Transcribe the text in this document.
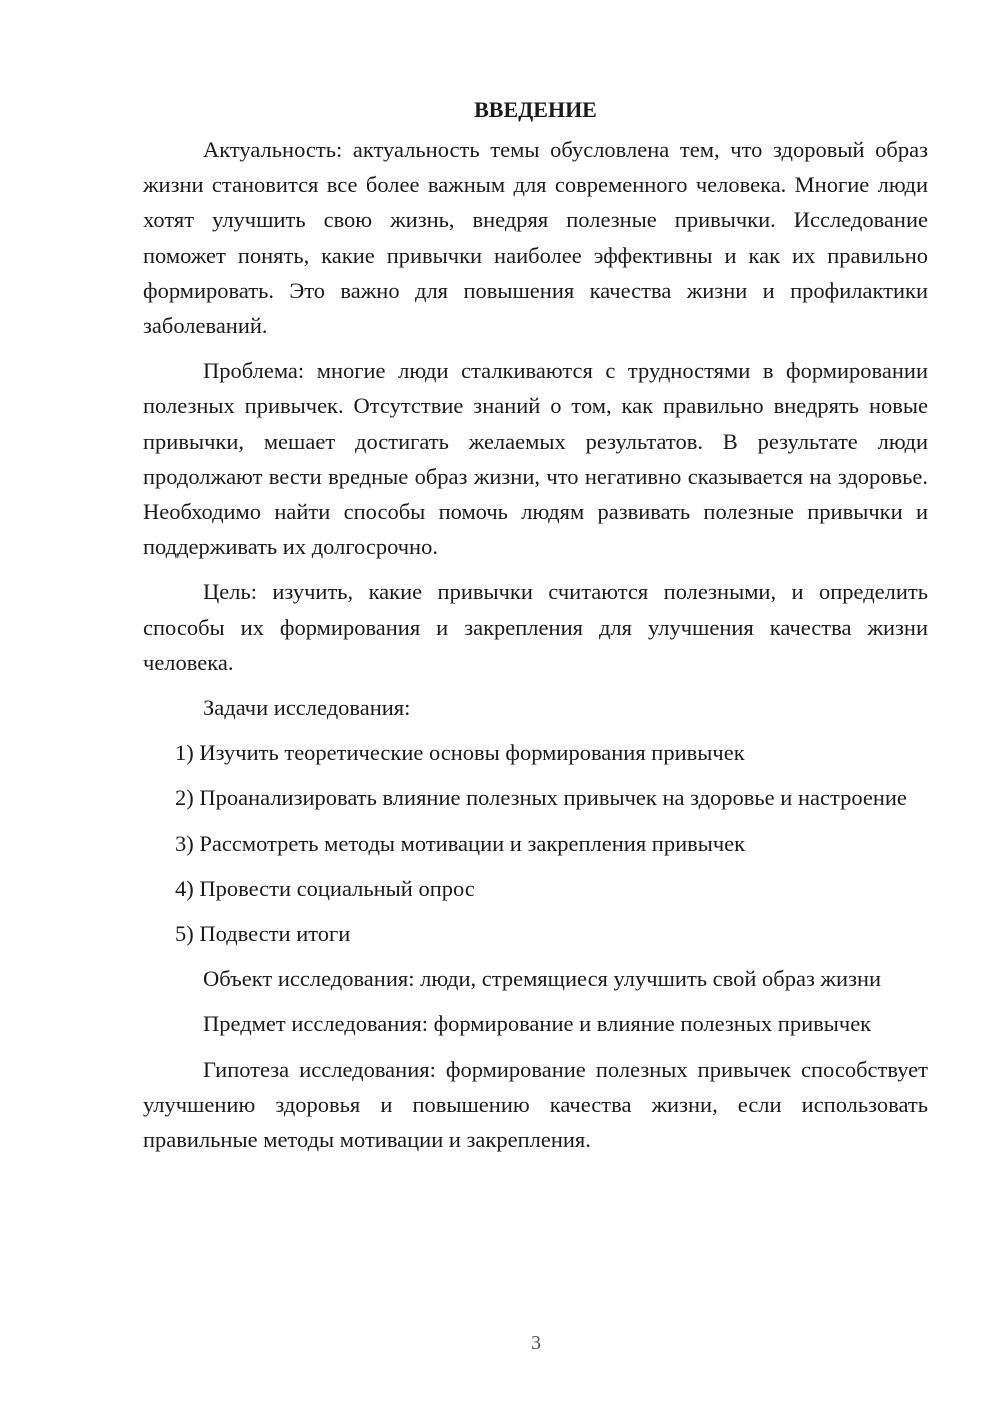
ВВЕДЕНИЕ

Актуальность: актуальность темы обусловлена тем, что здоровый образ жизни становится все более важным для современного человека. Многие люди хотят улучшить свою жизнь, внедряя полезные привычки. Исследование поможет понять, какие привычки наиболее эффективны и как их правильно формировать. Это важно для повышения качества жизни и профилактики заболеваний.

Проблема: многие люди сталкиваются с трудностями в формировании полезных привычек. Отсутствие знаний о том, как правильно внедрять новые привычки, мешает достигать желаемых результатов. В результате люди продолжают вести вредные образ жизни, что негативно сказывается на здоровье. Необходимо найти способы помочь людям развивать полезные привычки и поддерживать их долгосрочно.

Цель: изучить, какие привычки считаются полезными, и определить способы их формирования и закрепления для улучшения качества жизни человека.

Задачи исследования:

1) Изучить теоретические основы формирования привычек

2) Проанализировать влияние полезных привычек на здоровье и настроение

3) Рассмотреть методы мотивации и закрепления привычек

4) Провести социальный опрос

5) Подвести итоги

Объект исследования: люди, стремящиеся улучшить свой образ жизни

Предмет исследования: формирование и влияние полезных привычек

Гипотеза исследования: формирование полезных привычек способствует улучшению здоровья и повышению качества жизни, если использовать правильные методы мотивации и закрепления.

3
